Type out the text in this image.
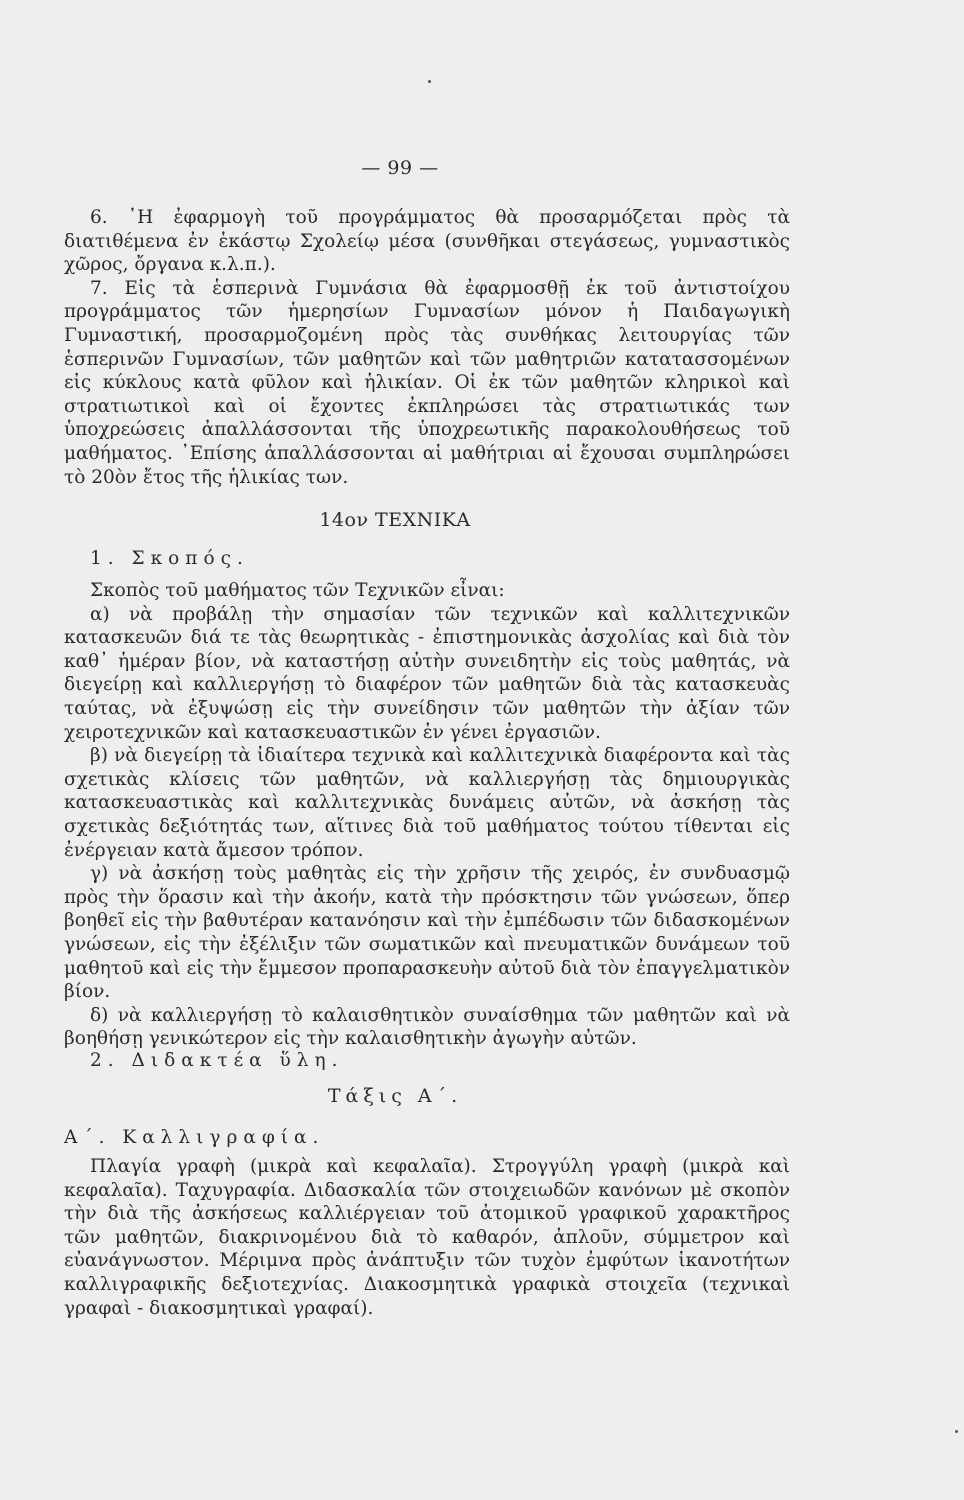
— 99 —

6. ῾Η ἐφαρμογὴ τοῦ προγράμματος θὰ προσαρμόζεται πρὸς τὰ διατιθέμενα ἐν ἑκάστῳ Σχολείῳ μέσα (συνθῆκαι στεγάσεως, γυμναστικὸς χῶρος, ὄργανα κ.λ.π.).

7. Εἰς τὰ ἑσπερινὰ Γυμνάσια θὰ ἐφαρμοσθῇ ἐκ τοῦ ἀντιστοίχου προγράμματος τῶν ἡμερησίων Γυμνασίων μόνον ἡ Παιδαγωγικὴ Γυμναστική, προσαρμοζομένη πρὸς τὰς συνθήκας λειτουργίας τῶν ἑσπερινῶν Γυμνασίων, τῶν μαθητῶν καὶ τῶν μαθητριῶν κατατασσομένων εἰς κύκλους κατὰ φῦλον καὶ ἡλικίαν. Οἱ ἐκ τῶν μαθητῶν κληρικοὶ καὶ στρατιωτικοὶ καὶ οἱ ἔχοντες ἐκπληρώσει τὰς στρατιωτικάς των ὑποχρεώσεις ἀπαλλάσσονται τῆς ὑποχρεωτικῆς παρακολουθήσεως τοῦ μαθήματος. ᾿Επίσης ἀπαλλάσσονται αἱ μαθήτριαι αἱ ἔχουσαι συμπληρώσει τὸ 20ὸν ἔτος τῆς ἡλικίας των.

14ον ΤΕΧΝΙΚΑ
1. Σκοπός.

Σκοπὸς τοῦ μαθήματος τῶν Τεχνικῶν εἶναι:

α) νὰ προβάλῃ τὴν σημασίαν τῶν τεχνικῶν καὶ καλλιτεχνικῶν κατασκευῶν διά τε τὰς θεωρητικὰς - ἐπιστημονικὰς ἀσχολίας καὶ διὰ τὸν καθ᾿ ἡμέραν βίον, νὰ καταστήσῃ αὐτὴν συνειδητὴν εἰς τοὺς μαθητάς, νὰ διεγείρῃ καὶ καλλιεργήσῃ τὸ διαφέρον τῶν μαθητῶν διὰ τὰς κατασκευὰς ταύτας, νὰ ἐξυψώσῃ εἰς τὴν συνείδησιν τῶν μαθητῶν τὴν ἀξίαν τῶν χειροτεχνικῶν καὶ κατασκευαστικῶν ἐν γένει ἐργασιῶν.

β) νὰ διεγείρῃ τὰ ἰδιαίτερα τεχνικὰ καὶ καλλιτεχνικὰ διαφέροντα καὶ τὰς σχετικὰς κλίσεις τῶν μαθητῶν, νὰ καλλιεργήσῃ τὰς δημιουργικὰς κατασκευαστικὰς καὶ καλλιτεχνικὰς δυνάμεις αὐτῶν, νὰ ἀσκήσῃ τὰς σχετικὰς δεξιότητάς των, αἵτινες διὰ τοῦ μαθήματος τούτου τίθενται εἰς ἐνέργειαν κατὰ ἄμεσον τρόπον.

γ) νὰ ἀσκήσῃ τοὺς μαθητὰς εἰς τὴν χρῆσιν τῆς χειρός, ἐν συνδυασμῷ πρὸς τὴν ὅρασιν καὶ τὴν ἀκοήν, κατὰ τὴν πρόσκτησιν τῶν γνώσεων, ὅπερ βοηθεῖ εἰς τὴν βαθυτέραν κατανόησιν καὶ τὴν ἐμπέδωσιν τῶν διδασκομένων γνώσεων, εἰς τὴν ἐξέλιξιν τῶν σωματικῶν καὶ πνευματικῶν δυνάμεων τοῦ μαθητοῦ καὶ εἰς τὴν ἔμμεσον προπαρασκευὴν αὐτοῦ διὰ τὸν ἐπαγγελματικὸν βίον.

δ) νὰ καλλιεργήσῃ τὸ καλαισθητικὸν συναίσθημα τῶν μαθητῶν καὶ νὰ βοηθήσῃ γενικώτερον εἰς τὴν καλαισθητικὴν ἀγωγὴν αὐτῶν.

2. Διδακτέα ὕλη.
Τάξις Α΄.
Α΄. Καλλιγραφία.

Πλαγία γραφὴ (μικρὰ καὶ κεφαλαῖα). Στρογγύλη γραφὴ (μικρὰ καὶ κεφαλαῖα). Ταχυγραφία. Διδασκαλία τῶν στοιχειωδῶν κανόνων μὲ σκοπὸν τὴν διὰ τῆς ἀσκήσεως καλλιέργειαν τοῦ ἀτομικοῦ γραφικοῦ χαρακτῆρος τῶν μαθητῶν, διακρινομένου διὰ τὸ καθαρόν, ἁπλοῦν, σύμμετρον καὶ εὐανάγνωστον. Μέριμνα πρὸς ἀνάπτυξιν τῶν τυχὸν ἐμφύτων ἱκανοτήτων καλλιγραφικῆς δεξιοτεχνίας. Διακοσμητικὰ γραφικὰ στοιχεῖα (τεχνικαὶ γραφαὶ - διακοσμητικαὶ γραφαί).
